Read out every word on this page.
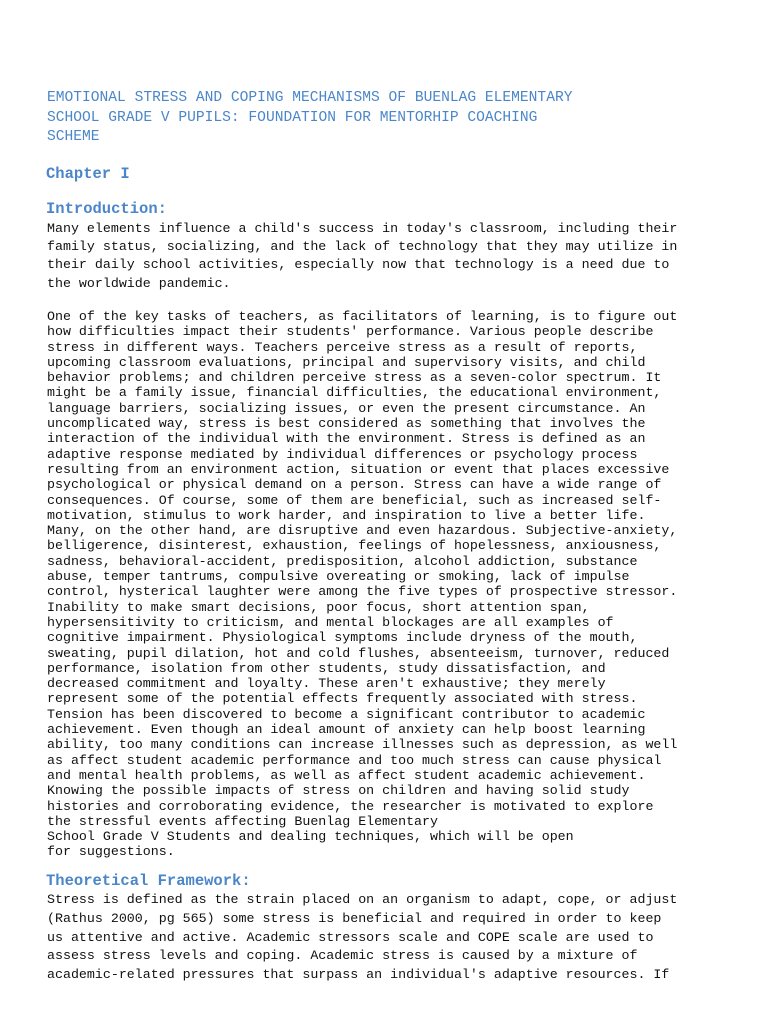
EMOTIONAL STRESS AND COPING MECHANISMS OF BUENLAG ELEMENTARY
SCHOOL GRADE V PUPILS: FOUNDATION FOR MENTORHIP COACHING
SCHEME
Chapter I
Introduction:

Many elements influence a child's success in today's classroom, including their
family status, socializing, and the lack of technology that they may utilize in
their daily school activities, especially now that technology is a need due to
the worldwide pandemic.

One of the key tasks of teachers, as facilitators of learning, is to figure out
how difficulties impact their students' performance. Various people describe
stress in different ways. Teachers perceive stress as a result of reports,
upcoming classroom evaluations, principal and supervisory visits, and child
behavior problems; and children perceive stress as a seven-color spectrum. It
might be a family issue, financial difficulties, the educational environment,
language barriers, socializing issues, or even the present circumstance. An
uncomplicated way, stress is best considered as something that involves the
interaction of the individual with the environment. Stress is defined as an
adaptive response mediated by individual differences or psychology process
resulting from an environment action, situation or event that places excessive
psychological or physical demand on a person. Stress can have a wide range of
consequences. Of course, some of them are beneficial, such as increased self-
motivation, stimulus to work harder, and inspiration to live a better life.
Many, on the other hand, are disruptive and even hazardous. Subjective-anxiety,
belligerence, disinterest, exhaustion, feelings of hopelessness, anxiousness,
sadness, behavioral-accident, predisposition, alcohol addiction, substance
abuse, temper tantrums, compulsive overeating or smoking, lack of impulse
control, hysterical laughter were among the five types of prospective stressor.
Inability to make smart decisions, poor focus, short attention span,
hypersensitivity to criticism, and mental blockages are all examples of
cognitive impairment. Physiological symptoms include dryness of the mouth,
sweating, pupil dilation, hot and cold flushes, absenteeism, turnover, reduced
performance, isolation from other students, study dissatisfaction, and
decreased commitment and loyalty. These aren't exhaustive; they merely
represent some of the potential effects frequently associated with stress.
Tension has been discovered to become a significant contributor to academic
achievement. Even though an ideal amount of anxiety can help boost learning
ability, too many conditions can increase illnesses such as depression, as well
as affect student academic performance and too much stress can cause physical
and mental health problems, as well as affect student academic achievement.
Knowing the possible impacts of stress on children and having solid study
histories and corroborating evidence, the researcher is motivated to explore
the stressful events affecting Buenlag Elementary
School Grade V Students and dealing techniques, which will be open
for suggestions.

Theoretical Framework:

Stress is defined as the strain placed on an organism to adapt, cope, or adjust
(Rathus 2000, pg 565) some stress is beneficial and required in order to keep
us attentive and active. Academic stressors scale and COPE scale are used to
assess stress levels and coping. Academic stress is caused by a mixture of
academic-related pressures that surpass an individual's adaptive resources. If
